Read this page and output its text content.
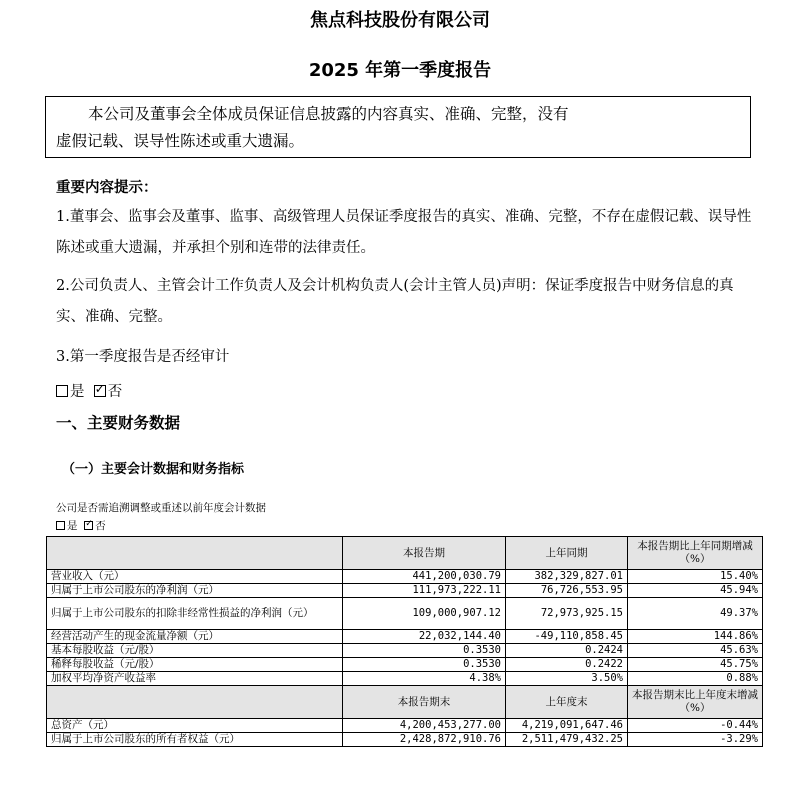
焦点科技股份有限公司
2025 年第一季度报告
本公司及董事会全体成员保证信息披露的内容真实、准确、完整，没有
虚假记载、误导性陈述或重大遗漏。
重要内容提示：
1.董事会、监事会及董事、监事、高级管理人员保证季度报告的真实、准确、完整，不存在虚假记载、误导性陈述或重大遗漏，并承担个别和连带的法律责任。
2.公司负责人、主管会计工作负责人及会计机构负责人(会计主管人员)声明：保证季度报告中财务信息的真实、准确、完整。
3.第一季度报告是否经审计
是 ✓ 否
一、主要财务数据
（一）主要会计数据和财务指标
公司是否需追溯调整或重述以前年度会计数据
是 ✓ 否
	本报告期	上年同期	本报告期比上年同期增减（%）
营业收入（元）	441,200,030.79	382,329,827.01	15.40%
归属于上市公司股东的净利润（元）	111,973,222.11	76,726,553.95	45.94%
归属于上市公司股东的扣除非经常性损益的净利润（元）	109,000,907.12	72,973,925.15	49.37%
经营活动产生的现金流量净额（元）	22,032,144.40	-49,110,858.45	144.86%
基本每股收益（元/股）	0.3530	0.2424	45.63%
稀释每股收益（元/股）	0.3530	0.2422	45.75%
加权平均净资产收益率	4.38%	3.50%	0.88%
	本报告期末	上年度末	本报告期末比上年度末增减（%）
总资产（元）	4,200,453,277.00	4,219,091,647.46	-0.44%
归属于上市公司股东的所有者权益（元）	2,428,872,910.76	2,511,479,432.25	-3.29%
